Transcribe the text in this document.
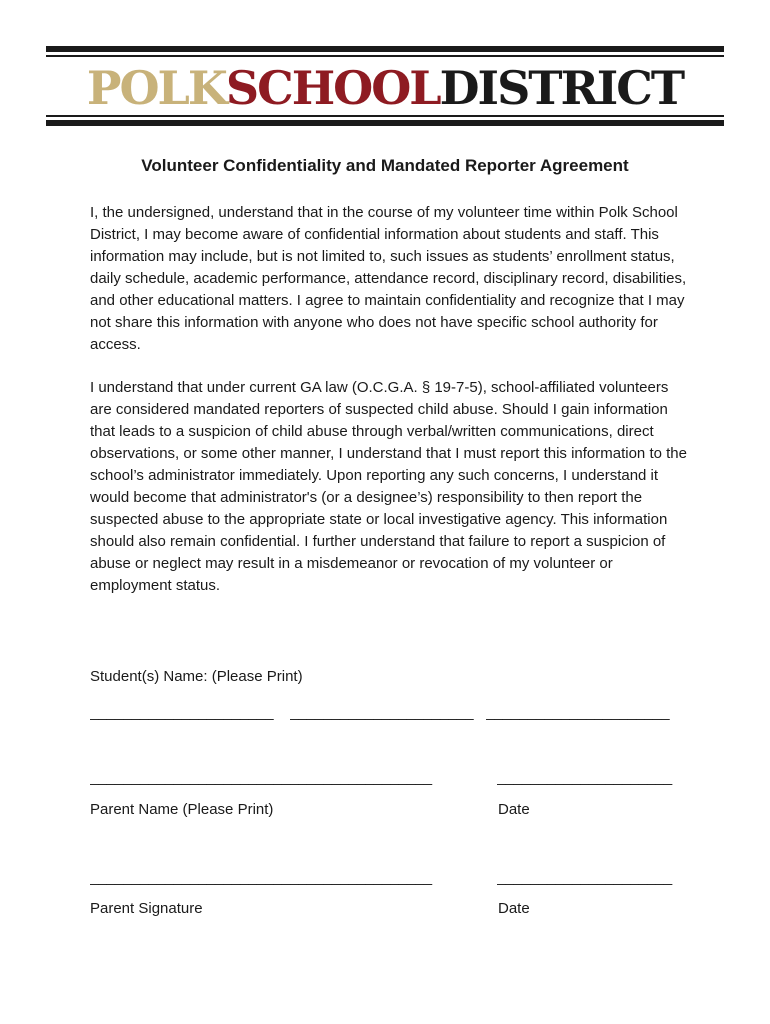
POLK SCHOOL DISTRICT
Volunteer Confidentiality and Mandated Reporter Agreement

I, the undersigned, understand that in the course of my volunteer time within Polk School District, I may become aware of confidential information about students and staff. This information may include, but is not limited to, such issues as students’ enrollment status, daily schedule, academic performance, attendance record, disciplinary record, disabilities, and other educational matters. I agree to maintain confidentiality and recognize that I may not share this information with anyone who does not have specific school authority for access.

I understand that under current GA law (O.C.G.A. § 19-7-5), school-affiliated volunteers are considered mandated reporters of suspected child abuse. Should I gain information that leads to a suspicion of child abuse through verbal/written communications, direct observations, or some other manner, I understand that I must report this information to the school’s administrator immediately. Upon reporting any such concerns, I understand it would become that administrator's (or a designee’s) responsibility to then report the suspected abuse to the appropriate state or local investigative agency. This information should also remain confidential. I further understand that failure to report a suspicion of abuse or neglect may result in a misdemeanor or revocation of my volunteer or employment status.

Student(s) Name: (Please Print)
______________________ ______________________ ______________________
_________________________________________	_____________________
Parent Name (Please Print)	Date
_________________________________________	_____________________
Parent Signature	Date
